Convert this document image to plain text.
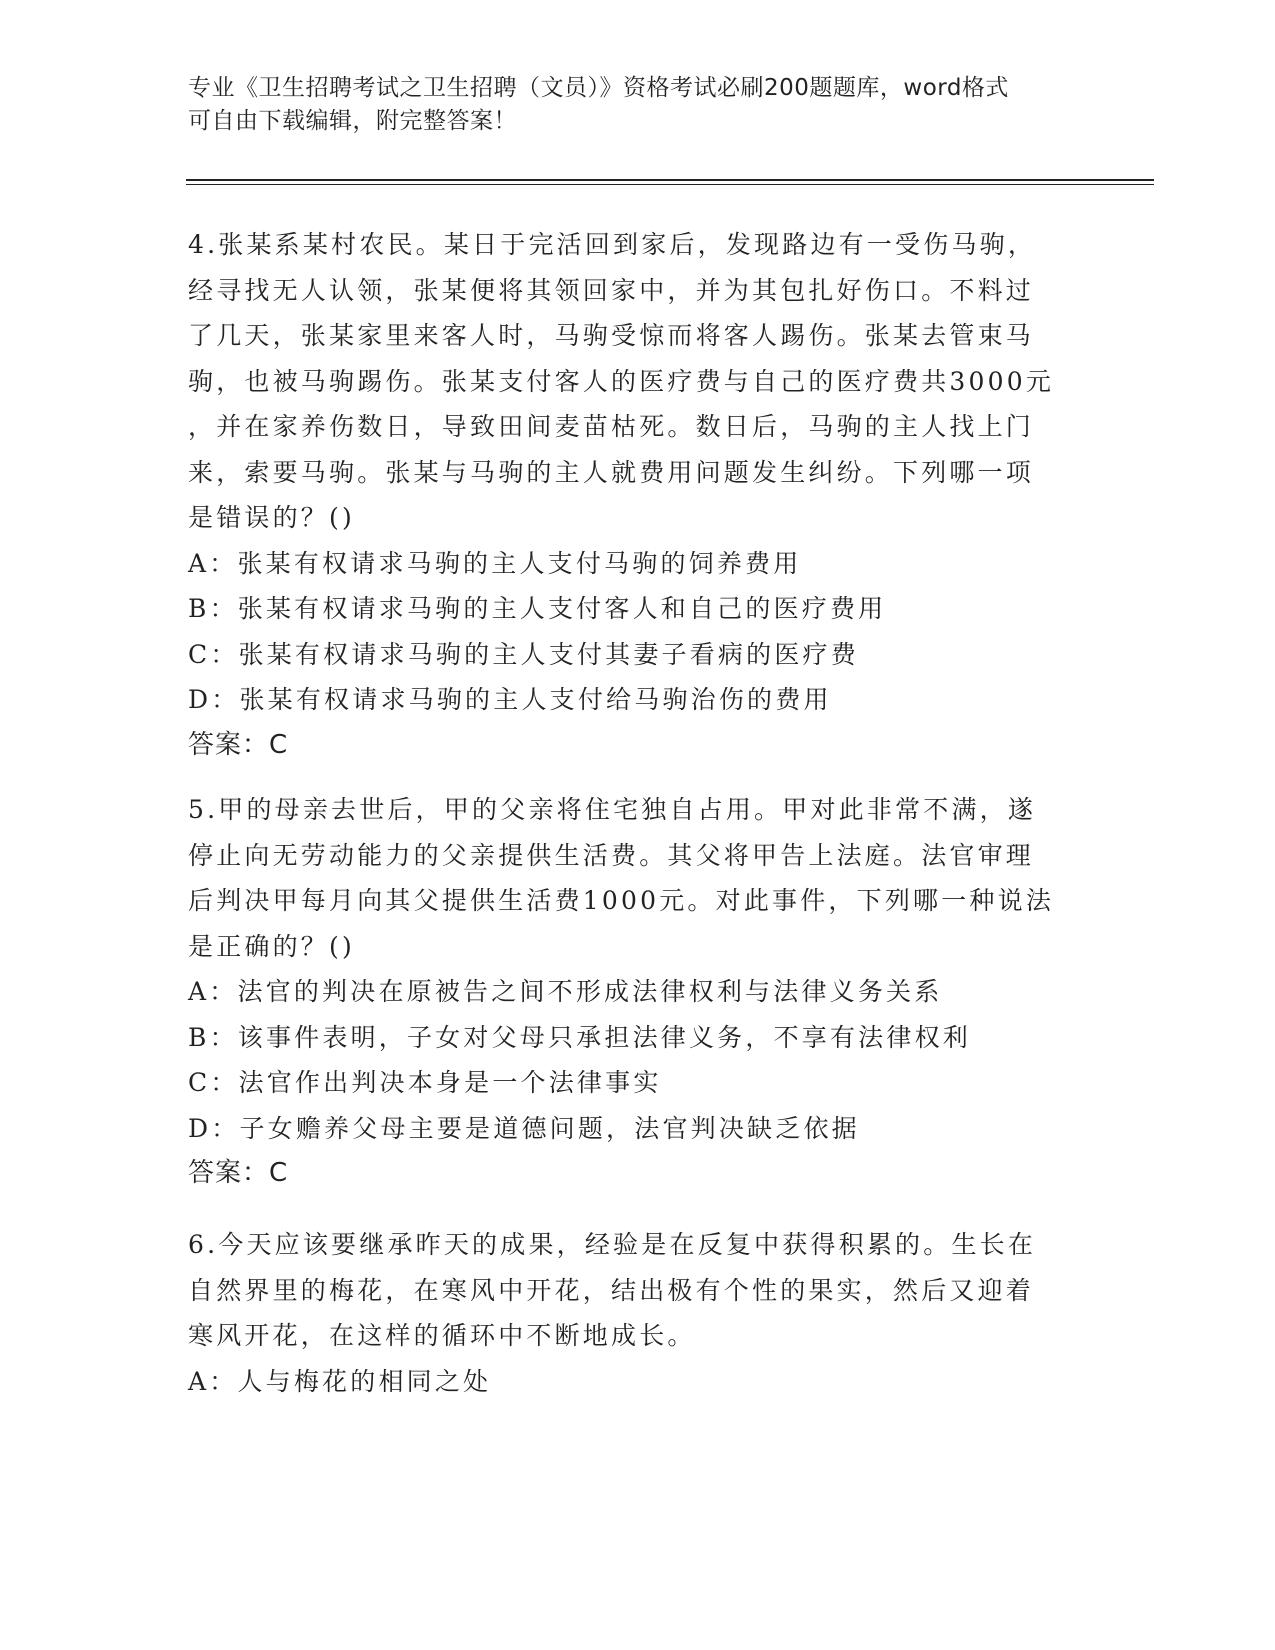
专业《卫生招聘考试之卫生招聘（文员）》资格考试必刷200题题库，word格式
可自由下载编辑，附完整答案！
4.张某系某村农民。某日于完活回到家后，发现路边有一受伤马驹，
经寻找无人认领，张某便将其领回家中，并为其包扎好伤口。不料过
了几天，张某家里来客人时，马驹受惊而将客人踢伤。张某去管束马
驹，也被马驹踢伤。张某支付客人的医疗费与自己的医疗费共3000元
，并在家养伤数日，导致田间麦苗枯死。数日后，马驹的主人找上门
来，索要马驹。张某与马驹的主人就费用问题发生纠纷。下列哪一项
是错误的？()
A：张某有权请求马驹的主人支付马驹的饲养费用
B：张某有权请求马驹的主人支付客人和自己的医疗费用
C：张某有权请求马驹的主人支付其妻子看病的医疗费
D：张某有权请求马驹的主人支付给马驹治伤的费用
答案：C
5.甲的母亲去世后，甲的父亲将住宅独自占用。甲对此非常不满，遂
停止向无劳动能力的父亲提供生活费。其父将甲告上法庭。法官审理
后判决甲每月向其父提供生活费1000元。对此事件，下列哪一种说法
是正确的？()
A：法官的判决在原被告之间不形成法律权利与法律义务关系
B：该事件表明，子女对父母只承担法律义务，不享有法律权利
C：法官作出判决本身是一个法律事实
D：子女赡养父母主要是道德问题，法官判决缺乏依据
答案：C
6.今天应该要继承昨天的成果，经验是在反复中获得积累的。生长在
自然界里的梅花，在寒风中开花，结出极有个性的果实，然后又迎着
寒风开花，在这样的循环中不断地成长。
A：人与梅花的相同之处
